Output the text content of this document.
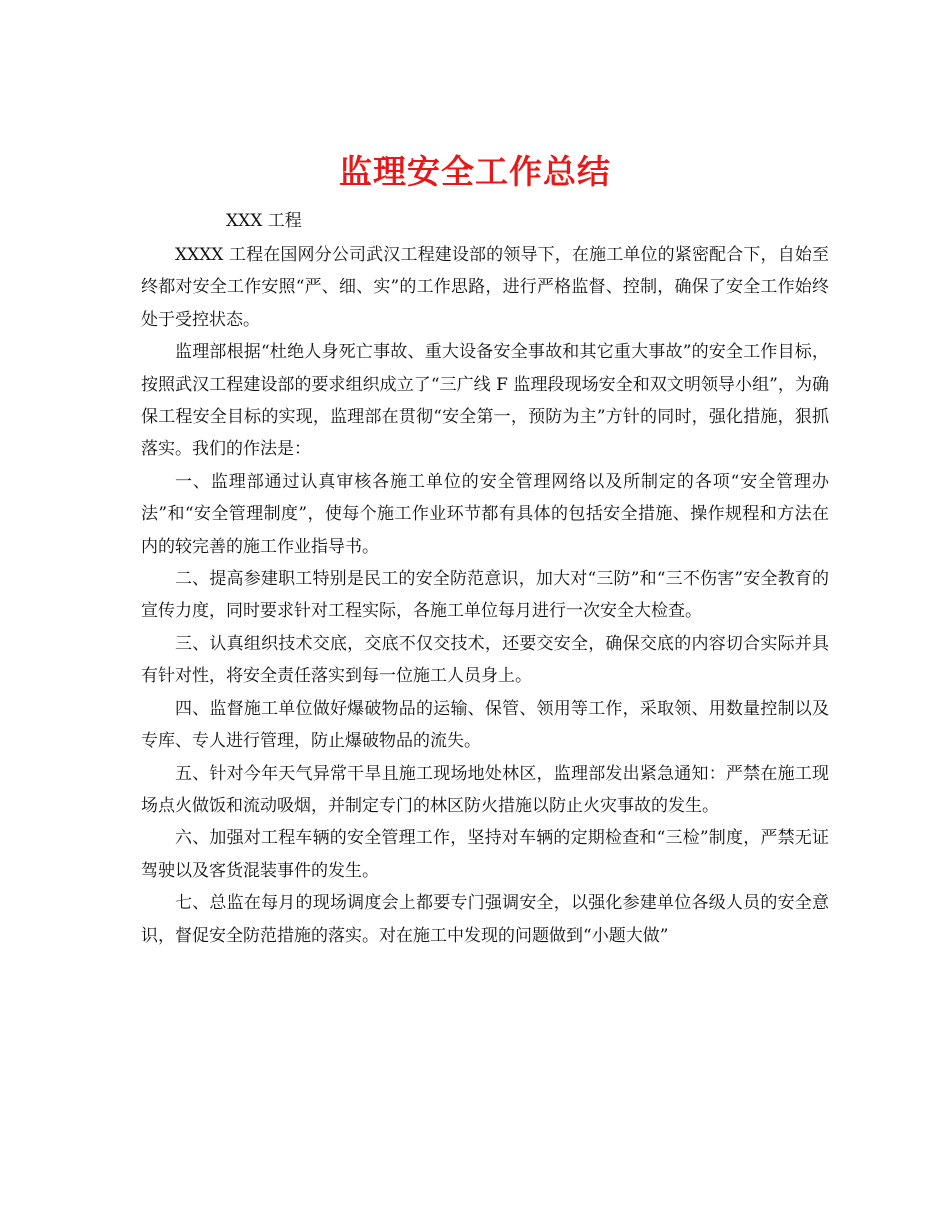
监理安全工作总结
XXX 工程

XXXX 工程在国网分公司武汉工程建设部的领导下，在施工单位的紧密配合下，自始至终都对安全工作安照“严、细、实”的工作思路，进行严格监督、控制，确保了安全工作始终处于受控状态。

监理部根据“杜绝人身死亡事故、重大设备安全事故和其它重大事故”的安全工作目标，按照武汉工程建设部的要求组织成立了“三广线 F 监理段现场安全和双文明领导小组”，为确保工程安全目标的实现，监理部在贯彻“安全第一，预防为主”方针的同时，强化措施，狠抓落实。我们的作法是：

一、监理部通过认真审核各施工单位的安全管理网络以及所制定的各项“安全管理办法”和“安全管理制度”，使每个施工作业环节都有具体的包括安全措施、操作规程和方法在内的较完善的施工作业指导书。

二、提高参建职工特别是民工的安全防范意识，加大对“三防”和“三不伤害”安全教育的宣传力度，同时要求针对工程实际，各施工单位每月进行一次安全大检查。

三、认真组织技术交底，交底不仅交技术，还要交安全，确保交底的内容切合实际并具有针对性，将安全责任落实到每一位施工人员身上。

四、监督施工单位做好爆破物品的运输、保管、领用等工作，采取领、用数量控制以及专库、专人进行管理，防止爆破物品的流失。

五、针对今年天气异常干旱且施工现场地处林区，监理部发出紧急通知：严禁在施工现场点火做饭和流动吸烟，并制定专门的林区防火措施以防止火灾事故的发生。

六、加强对工程车辆的安全管理工作，坚持对车辆的定期检查和“三检”制度，严禁无证驾驶以及客货混装事件的发生。

七、总监在每月的现场调度会上都要专门强调安全，以强化参建单位各级人员的安全意识，督促安全防范措施的落实。对在施工中发现的问题做到“小题大做”
